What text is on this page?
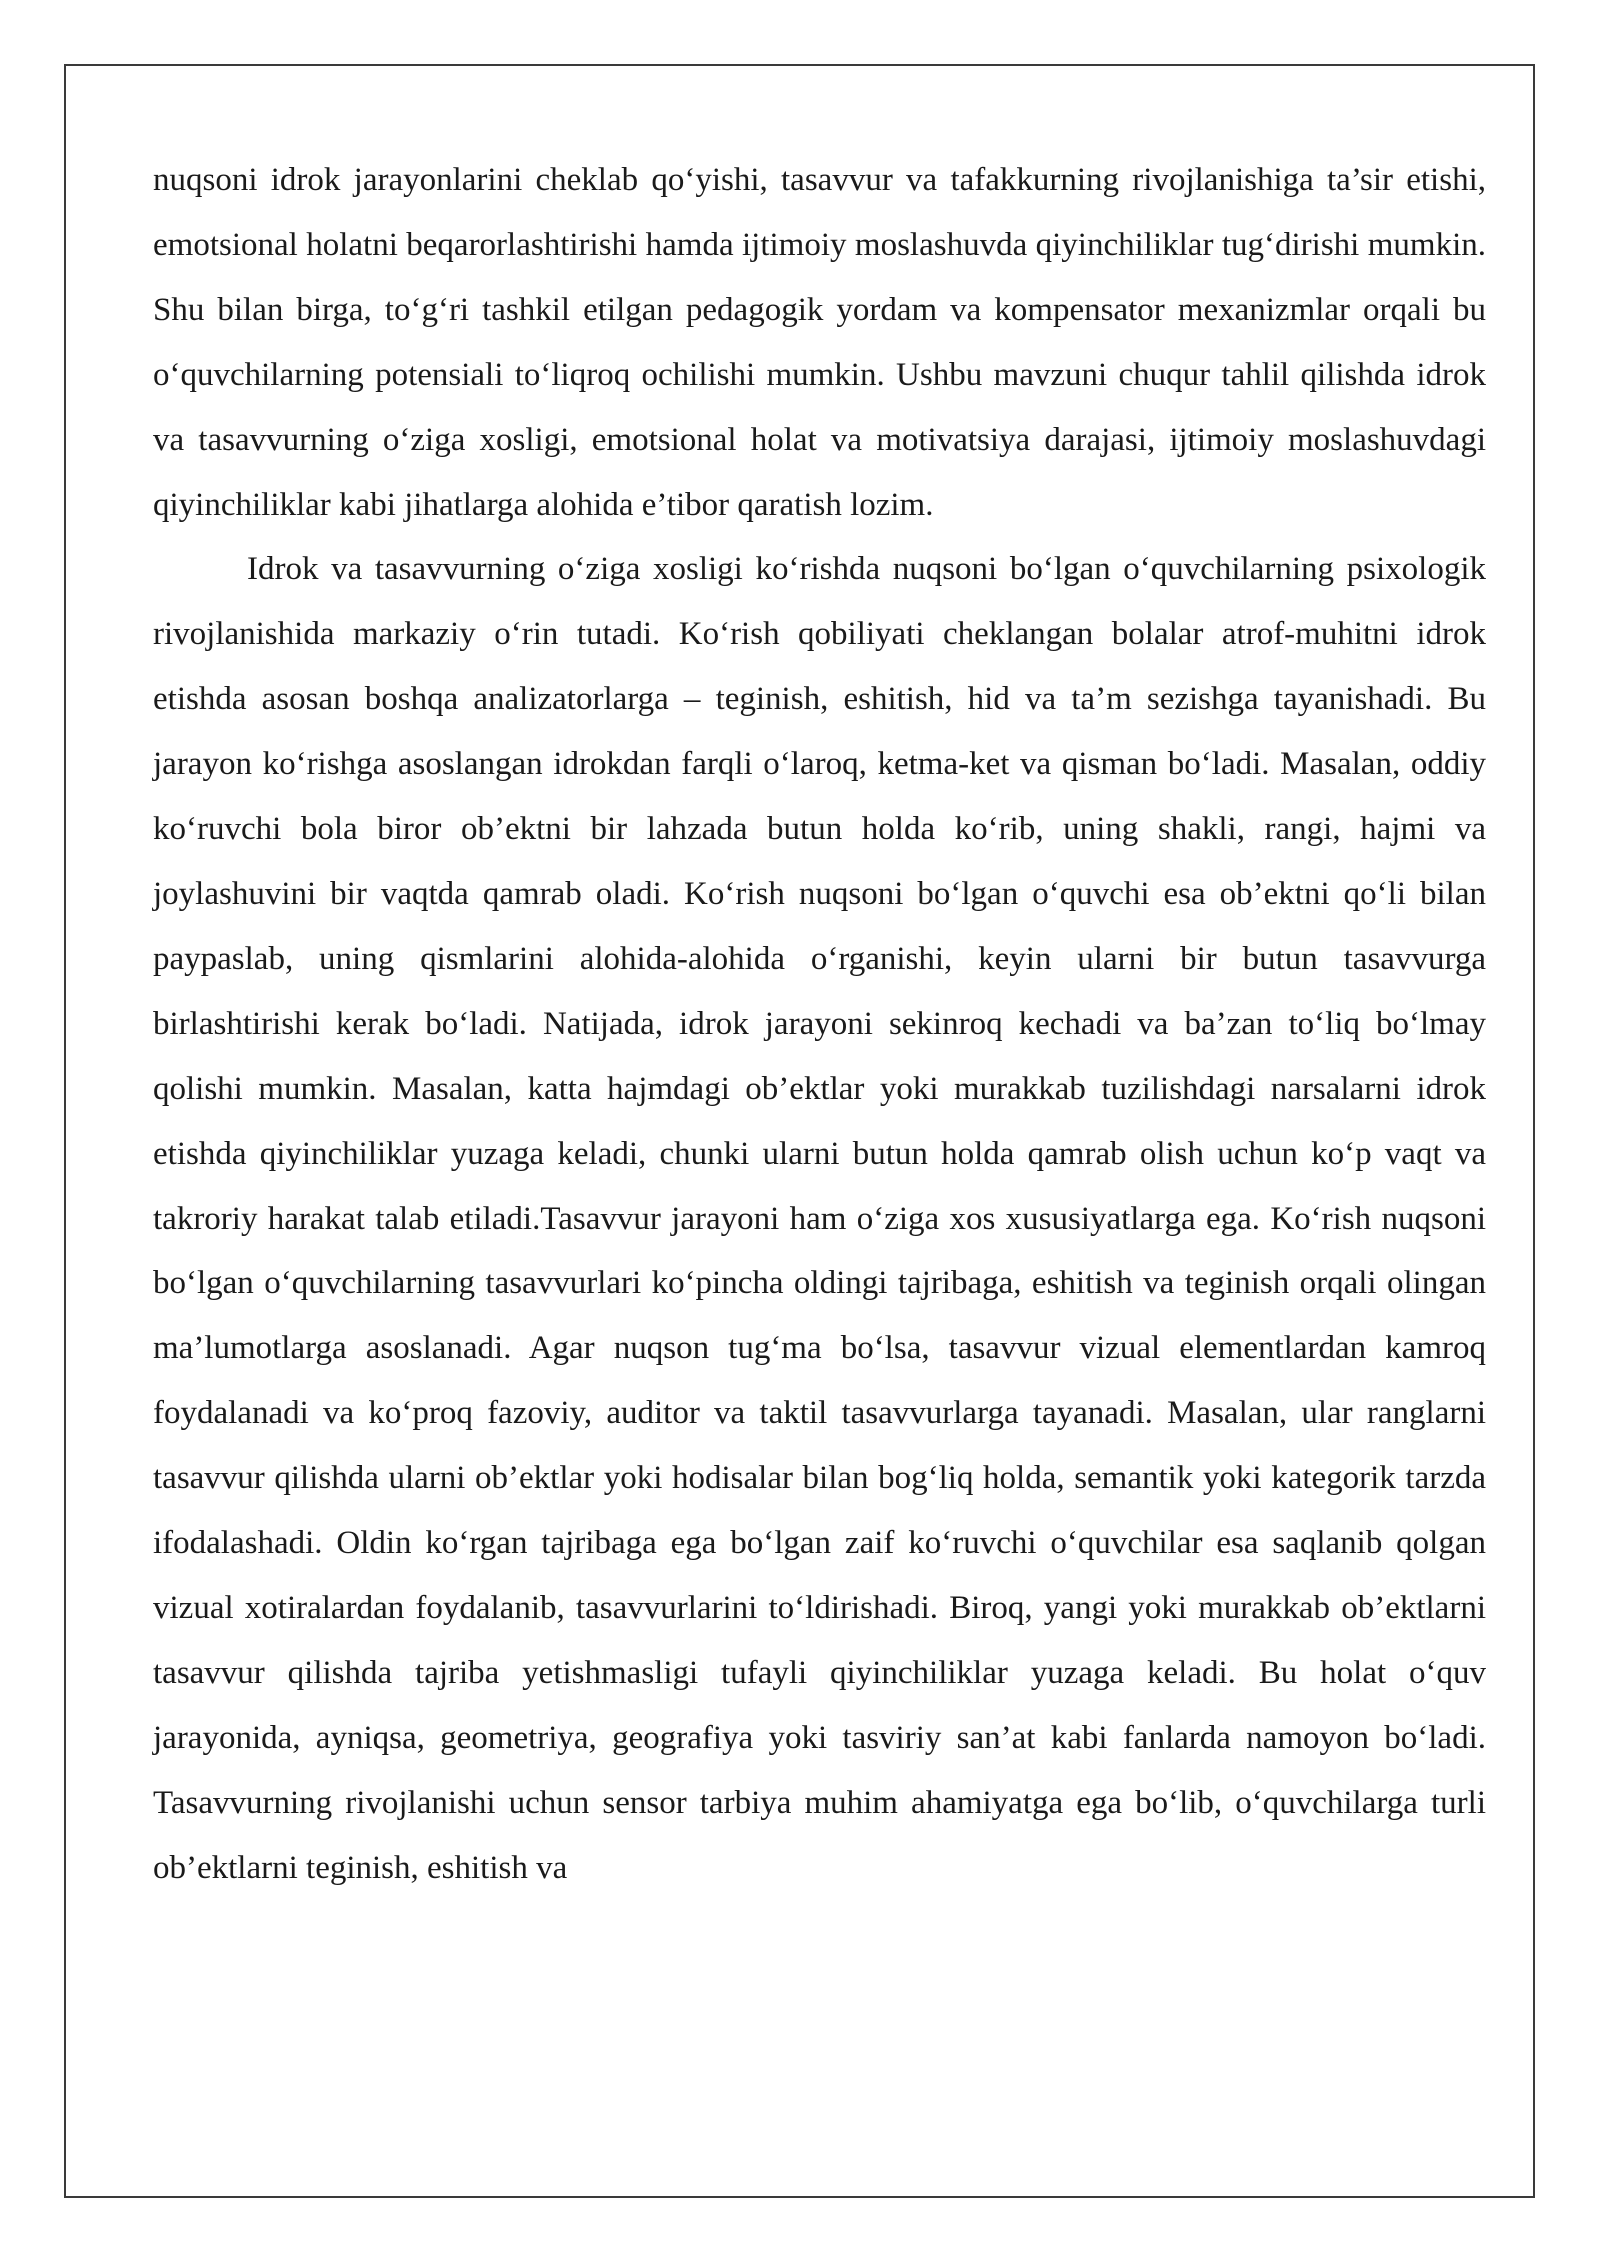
nuqsoni idrok jarayonlarini cheklab qo‘yishi, tasavvur va tafakkurning rivojlanishiga ta’sir etishi, emotsional holatni beqarorlashtirishi hamda ijtimoiy moslashuvda qiyinchiliklar tug‘dirishi mumkin. Shu bilan birga, to‘g‘ri tashkil etilgan pedagogik yordam va kompensator mexanizmlar orqali bu o‘quvchilarning potensiali to‘liqroq ochilishi mumkin. Ushbu mavzuni chuqur tahlil qilishda idrok va tasavvurning o‘ziga xosligi, emotsional holat va motivatsiya darajasi, ijtimoiy moslashuvdagi qiyinchiliklar kabi jihatlarga alohida e’tibor qaratish lozim.

Idrok va tasavvurning o‘ziga xosligi ko‘rishda nuqsoni bo‘lgan o‘quvchilarning psixologik rivojlanishida markaziy o‘rin tutadi. Ko‘rish qobiliyati cheklangan bolalar atrof-muhitni idrok etishda asosan boshqa analizatorlarga – teginish, eshitish, hid va ta’m sezishga tayanishadi. Bu jarayon ko‘rishga asoslangan idrokdan farqli o‘laroq, ketma-ket va qisman bo‘ladi. Masalan, oddiy ko‘ruvchi bola biror ob’ektni bir lahzada butun holda ko‘rib, uning shakli, rangi, hajmi va joylashuvini bir vaqtda qamrab oladi. Ko‘rish nuqsoni bo‘lgan o‘quvchi esa ob’ektni qo‘li bilan paypaslab, uning qismlarini alohida-alohida o‘rganishi, keyin ularni bir butun tasavvurga birlashtirishi kerak bo‘ladi. Natijada, idrok jarayoni sekinroq kechadi va ba’zan to‘liq bo‘lmay qolishi mumkin. Masalan, katta hajmdagi ob’ektlar yoki murakkab tuzilishdagi narsalarni idrok etishda qiyinchiliklar yuzaga keladi, chunki ularni butun holda qamrab olish uchun ko‘p vaqt va takroriy harakat talab etiladi.Tasavvur jarayoni ham o‘ziga xos xususiyatlarga ega. Ko‘rish nuqsoni bo‘lgan o‘quvchilarning tasavvurlari ko‘pincha oldingi tajribaga, eshitish va teginish orqali olingan ma’lumotlarga asoslanadi. Agar nuqson tug‘ma bo‘lsa, tasavvur vizual elementlardan kamroq foydalanadi va ko‘proq fazoviy, auditor va taktil tasavvurlarga tayanadi. Masalan, ular ranglarni tasavvur qilishda ularni ob’ektlar yoki hodisalar bilan bog‘liq holda, semantik yoki kategorik tarzda ifodalashadi. Oldin ko‘rgan tajribaga ega bo‘lgan zaif ko‘ruvchi o‘quvchilar esa saqlanib qolgan vizual xotiralardan foydalanib, tasavvurlarini to‘ldirishadi. Biroq, yangi yoki murakkab ob’ektlarni tasavvur qilishda tajriba yetishmasligi tufayli qiyinchiliklar yuzaga keladi. Bu holat o‘quv jarayonida, ayniqsa, geometriya, geografiya yoki tasviriy san’at kabi fanlarda namoyon bo‘ladi. Tasavvurning rivojlanishi uchun sensor tarbiya muhim ahamiyatga ega bo‘lib, o‘quvchilarga turli ob’ektlarni teginish, eshitish va
